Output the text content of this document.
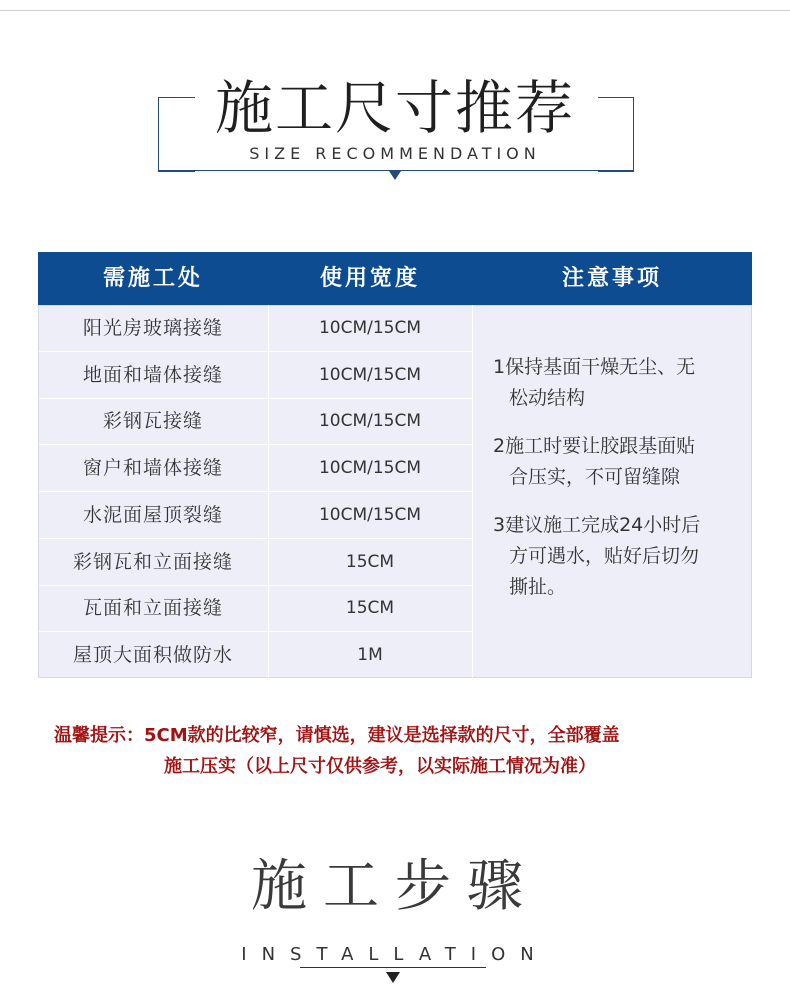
施工尺寸推荐
SIZE RECOMMENDATION
需施工处	使用宽度	注意事项
阳光房玻璃接缝	10CM/15CM
地面和墙体接缝	10CM/15CM
彩钢瓦接缝	10CM/15CM
窗户和墙体接缝	10CM/15CM
水泥面屋顶裂缝	10CM/15CM
彩钢瓦和立面接缝	15CM
瓦面和立面接缝	15CM
屋顶大面积做防水	1M
1保持基面干燥无尘、无
松动结构
2施工时要让胶跟基面贴
合压实，不可留缝隙
3建议施工完成24小时后
方可遇水，贴好后切勿
撕扯。
温馨提示：5CM款的比较窄，请慎选，建议是选择款的尺寸，全部覆盖
施工压实（以上尺寸仅供参考，以实际施工情况为准）
施工步骤
INSTALLATION
